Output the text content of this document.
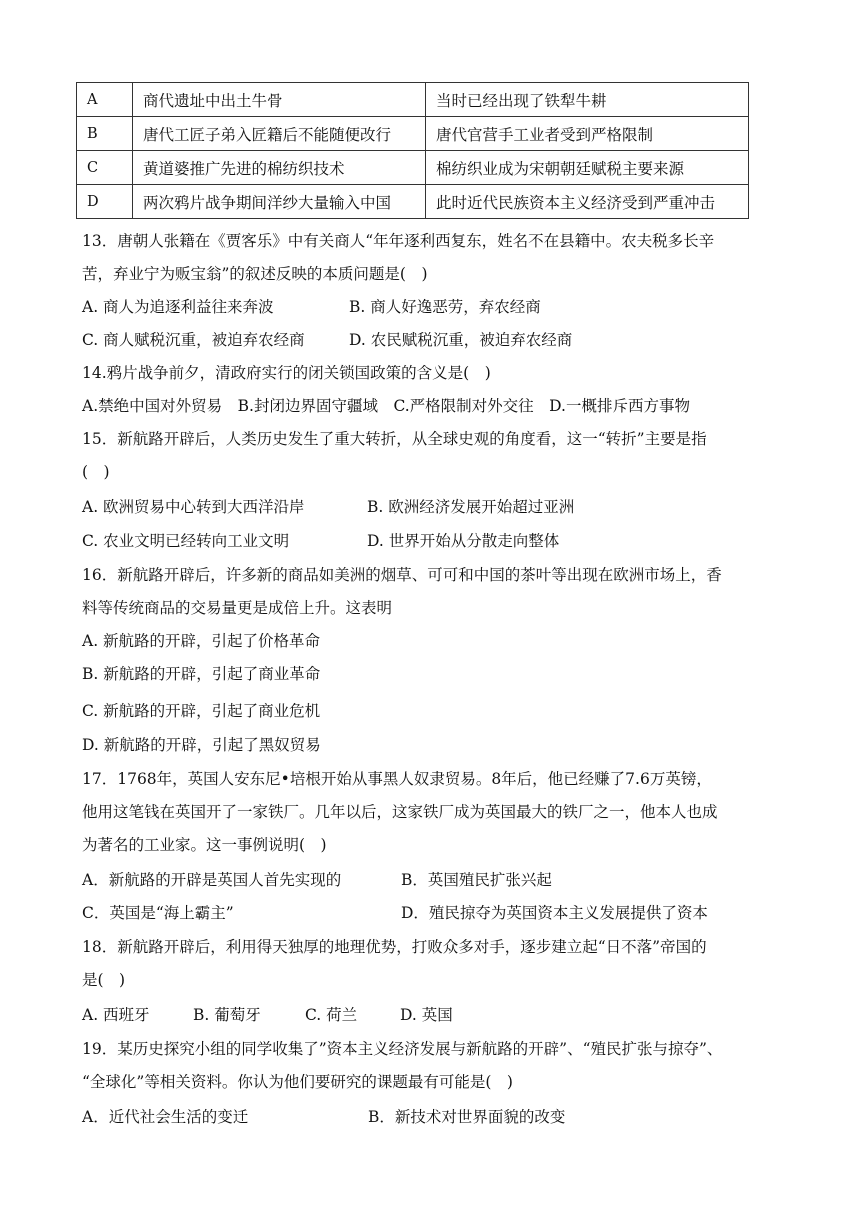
A	商代遗址中出土牛骨	当时已经出现了铁犁牛耕
B	唐代工匠子弟入匠籍后不能随便改行	唐代官营手工业者受到严格限制
C	黄道婆推广先进的棉纺织技术	棉纺织业成为宋朝朝廷赋税主要来源
D	两次鸦片战争期间洋纱大量输入中国	此时近代民族资本主义经济受到严重冲击
13．唐朝人张籍在《贾客乐》中有关商人“年年逐利西复东，姓名不在县籍中。农夫税多长辛
苦，弃业宁为贩宝翁”的叙述反映的本质问题是(　)
A. 商人为追逐利益往来奔波	B. 商人好逸恶劳，弃农经商
C. 商人赋税沉重，被迫弃农经商	D. 农民赋税沉重，被迫弃农经商
14.鸦片战争前夕，清政府实行的闭关锁国政策的含义是(　)
A.禁绝中国对外贸易　B.封闭边界固守疆域　C.严格限制对外交往　D.一概排斥西方事物
15．新航路开辟后，人类历史发生了重大转折，从全球史观的角度看，这一“转折”主要是指
(　)
A. 欧洲贸易中心转到大西洋沿岸	B. 欧洲经济发展开始超过亚洲
C. 农业文明已经转向工业文明	D. 世界开始从分散走向整体
16．新航路开辟后，许多新的商品如美洲的烟草、可可和中国的茶叶等出现在欧洲市场上，香
料等传统商品的交易量更是成倍上升。这表明
A. 新航路的开辟，引起了价格革命
B. 新航路的开辟，引起了商业革命
C. 新航路的开辟，引起了商业危机
D. 新航路的开辟，引起了黑奴贸易
17．1768年，英国人安东尼•培根开始从事黑人奴隶贸易。8年后，他已经赚了7.6万英镑，
他用这笔钱在英国开了一家铁厂。几年以后，这家铁厂成为英国最大的铁厂之一，他本人也成
为著名的工业家。这一事例说明(　)
A．新航路的开辟是英国人首先实现的	B．英国殖民扩张兴起
C．英国是“海上霸主”	D．殖民掠夺为英国资本主义发展提供了资本
18．新航路开辟后，利用得天独厚的地理优势，打败众多对手，逐步建立起“日不落”帝国的
是(　)
A. 西班牙	B. 葡萄牙	C. 荷兰	D. 英国
19．某历史探究小组的同学收集了”资本主义经济发展与新航路的开辟”、“殖民扩张与掠夺”、
“全球化”等相关资料。你认为他们要研究的课题最有可能是(　)
A．近代社会生活的变迁	B．新技术对世界面貌的改变
